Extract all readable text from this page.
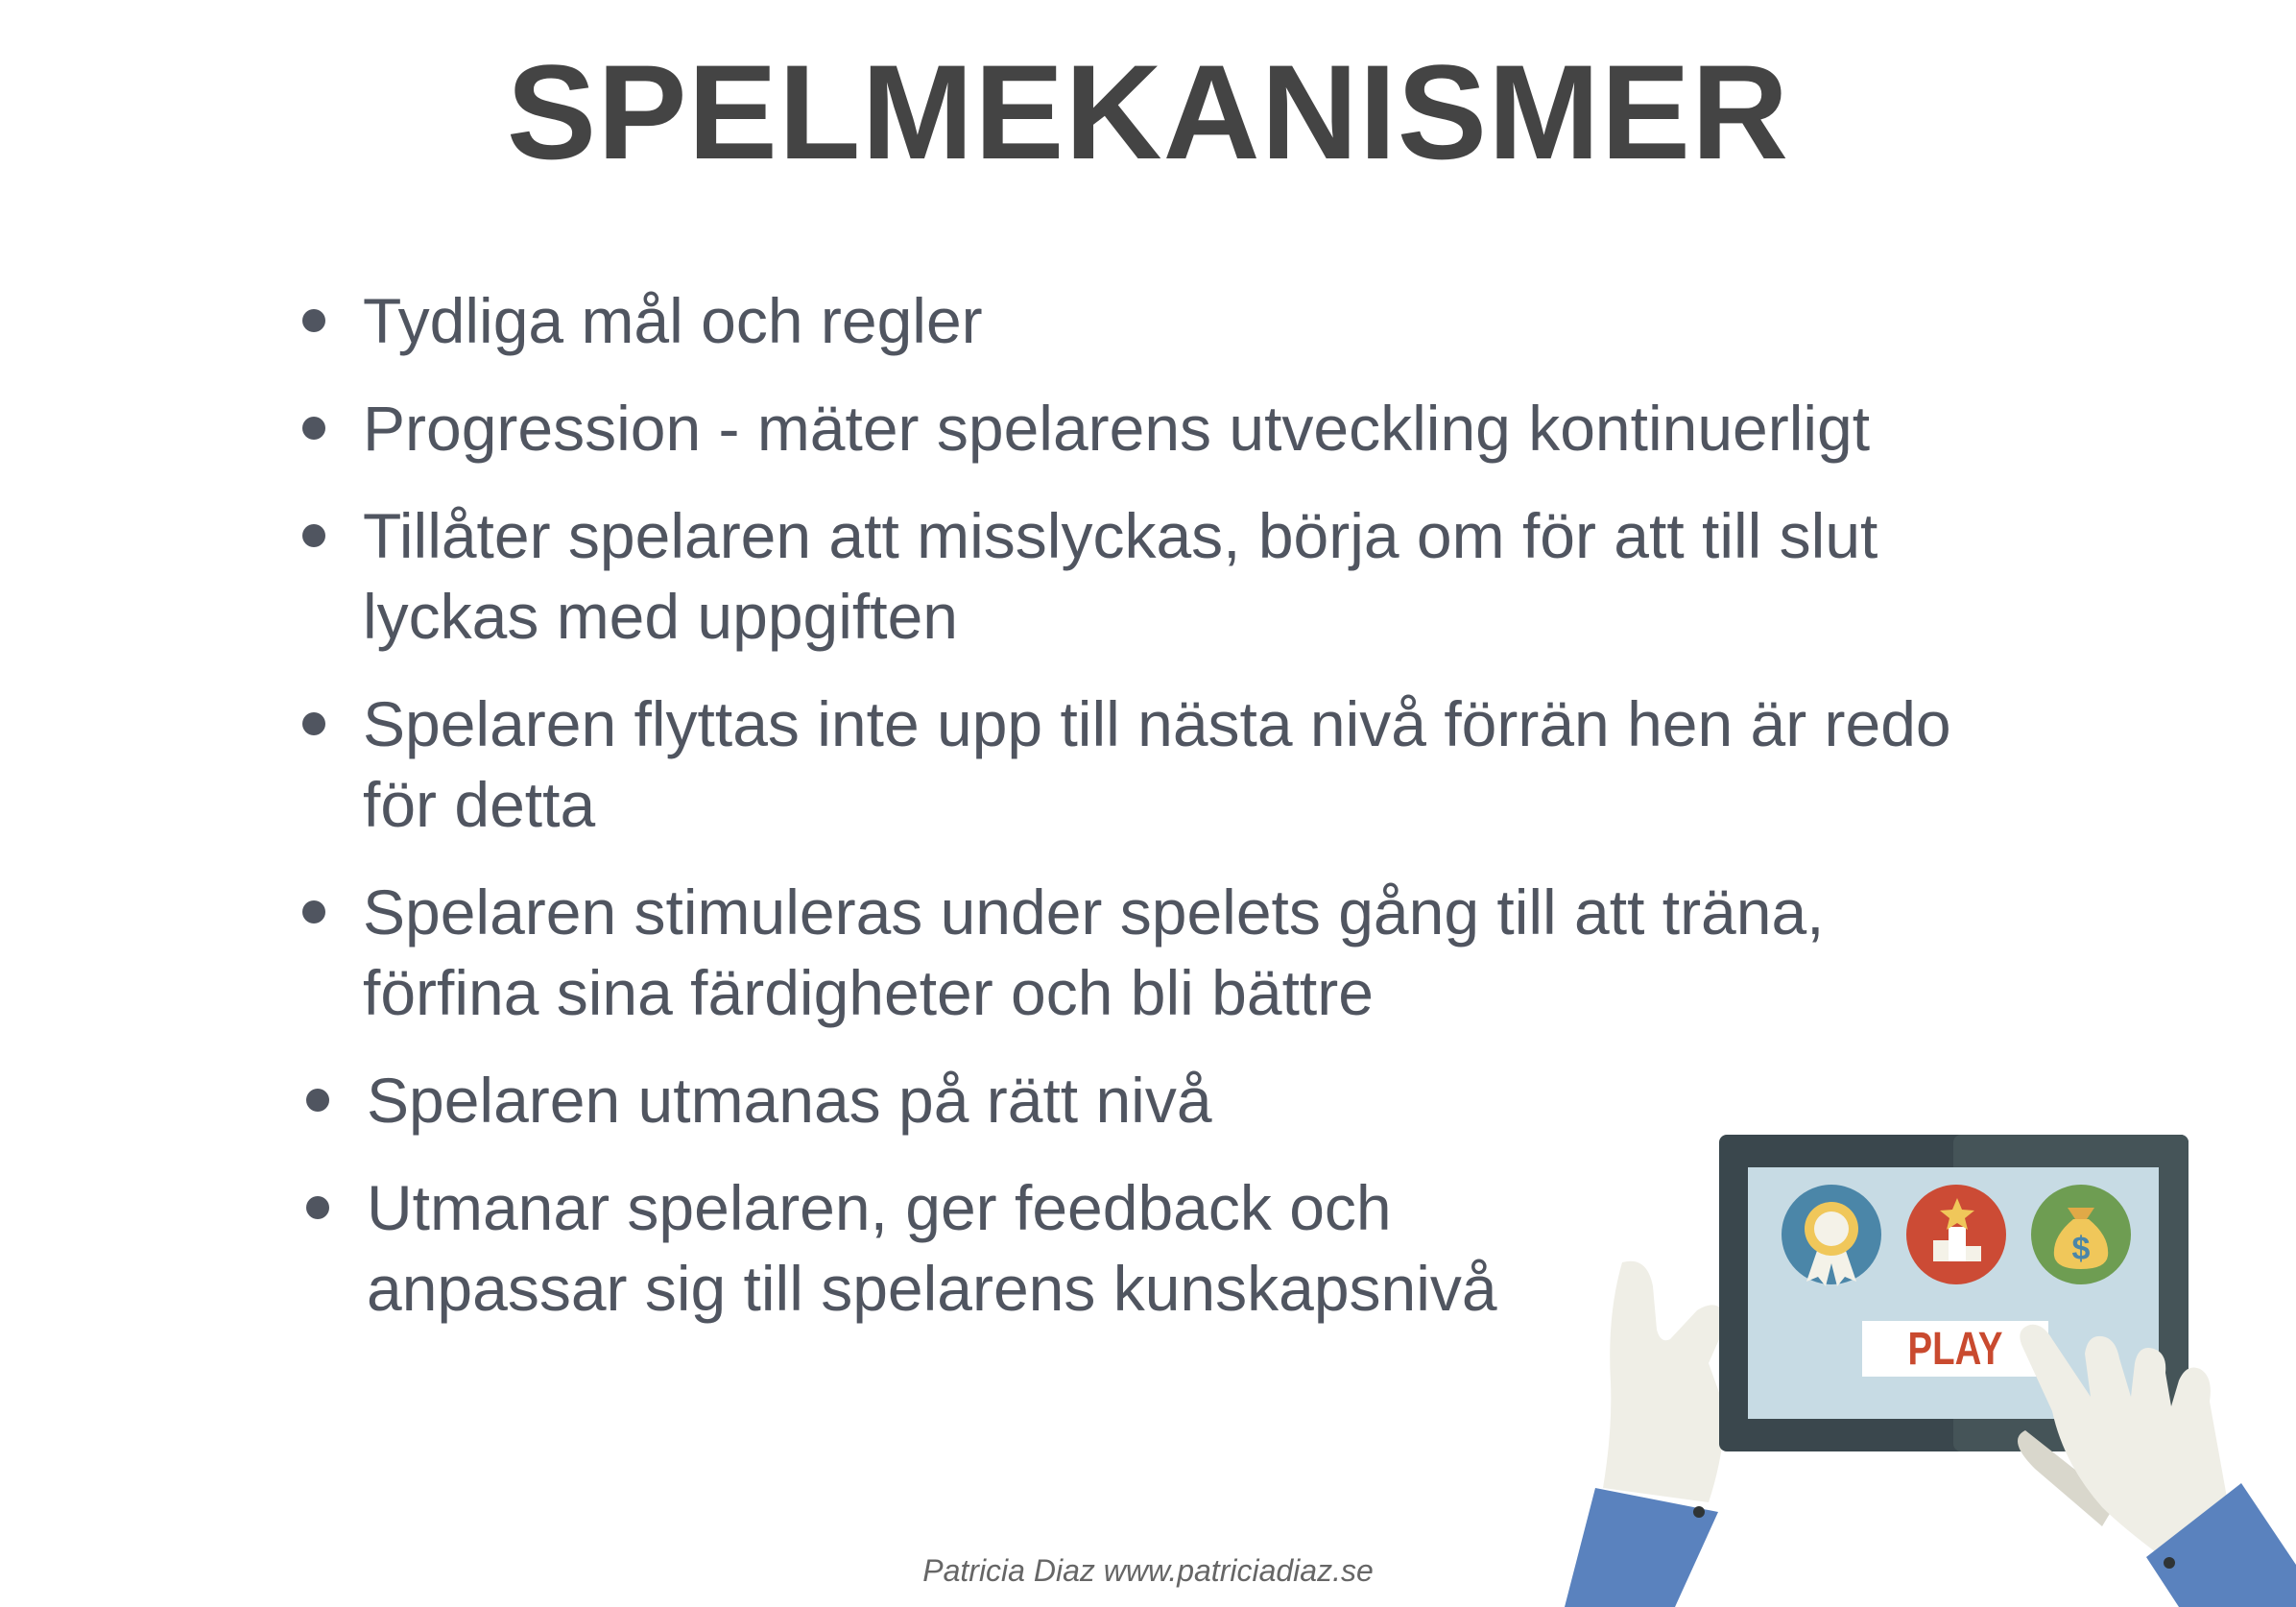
SPELMEKANISMER
Tydliga mål och regler
Progression - mäter spelarens utveckling kontinuerligt
Tillåter spelaren att misslyckas, börja om för att till slut
lyckas med uppgiften
Spelaren flyttas inte upp till nästa nivå förrän hen är redo
för detta
Spelaren stimuleras under spelets gång till att träna,
förfina sina färdigheter och bli bättre
Spelaren utmanas på rätt nivå
Utmanar spelaren, ger feedback och
anpassar sig till spelarens kunskapsnivå
$
PLAY
Patricia Diaz www.patriciadiaz.se
